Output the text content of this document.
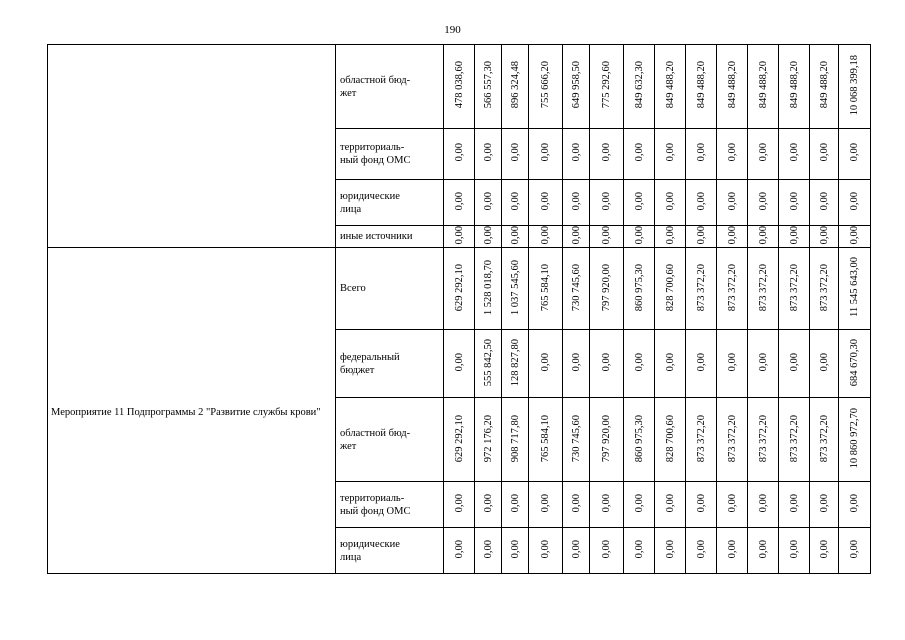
190
	областной бюд-
жет	478 038,60	566 557,30	896 324,48	755 666,20	649 958,50	775 292,60	849 632,30	849 488,20	849 488,20	849 488,20	849 488,20	849 488,20	849 488,20	10 068 399,18
	территориаль-
ный фонд ОМС	0,00	0,00	0,00	0,00	0,00	0,00	0,00	0,00	0,00	0,00	0,00	0,00	0,00	0,00
	юридические
лица	0,00	0,00	0,00	0,00	0,00	0,00	0,00	0,00	0,00	0,00	0,00	0,00	0,00	0,00
	иные источники	0,00	0,00	0,00	0,00	0,00	0,00	0,00	0,00	0,00	0,00	0,00	0,00	0,00	0,00
Мероприятие 11 Подпрограммы 2 "Развитие службы крови"	Всего	629 292,10	1 528 018,70	1 037 545,60	765 584,10	730 745,60	797 920,00	860 975,30	828 700,60	873 372,20	873 372,20	873 372,20	873 372,20	873 372,20	11 545 643,00
	федеральный
бюджет	0,00	555 842,50	128 827,80	0,00	0,00	0,00	0,00	0,00	0,00	0,00	0,00	0,00	0,00	684 670,30
	областной бюд-
жет	629 292,10	972 176,20	908 717,80	765 584,10	730 745,60	797 920,00	860 975,30	828 700,60	873 372,20	873 372,20	873 372,20	873 372,20	873 372,20	10 860 972,70
	территориаль-
ный фонд ОМС	0,00	0,00	0,00	0,00	0,00	0,00	0,00	0,00	0,00	0,00	0,00	0,00	0,00	0,00
	юридические
лица	0,00	0,00	0,00	0,00	0,00	0,00	0,00	0,00	0,00	0,00	0,00	0,00	0,00	0,00
